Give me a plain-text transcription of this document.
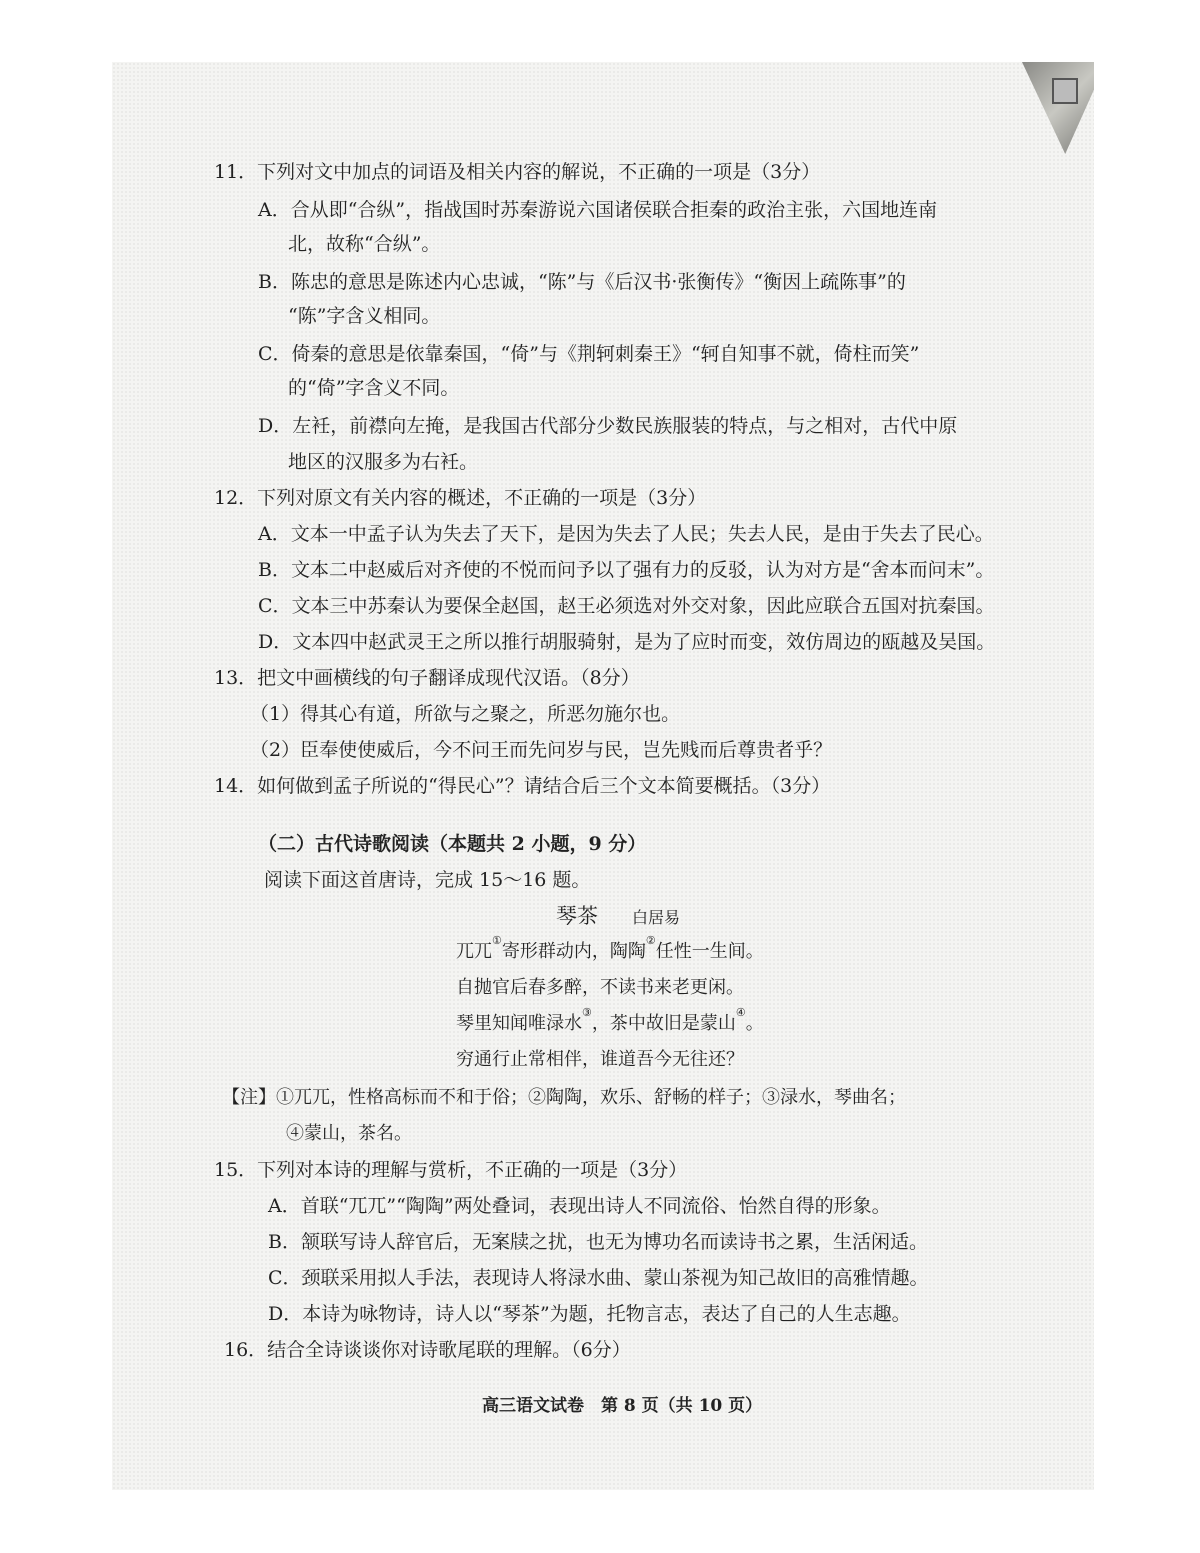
11．下列对文中加点的词语及相关内容的解说，不正确的一项是（3分）
A．合从即“合纵”，指战国时苏秦游说六国诸侯联合拒秦的政治主张，六国地连南
北，故称“合纵”。
B．陈忠的意思是陈述内心忠诚，“陈”与《后汉书·张衡传》“衡因上疏陈事”的
“陈”字含义相同。
C．倚秦的意思是依靠秦国，“倚”与《荆轲刺秦王》“轲自知事不就，倚柱而笑”
的“倚”字含义不同。
D．左衽，前襟向左掩，是我国古代部分少数民族服装的特点，与之相对，古代中原
地区的汉服多为右衽。
12．下列对原文有关内容的概述，不正确的一项是（3分）
A．文本一中孟子认为失去了天下，是因为失去了人民；失去人民，是由于失去了民心。
B．文本二中赵威后对齐使的不悦而问予以了强有力的反驳，认为对方是“舍本而问末”。
C．文本三中苏秦认为要保全赵国，赵王必须选对外交对象，因此应联合五国对抗秦国。
D．文本四中赵武灵王之所以推行胡服骑射，是为了应时而变，效仿周边的瓯越及吴国。
13．把文中画横线的句子翻译成现代汉语。（8分）
（1）得其心有道，所欲与之聚之，所恶勿施尔也。
（2）臣奉使使威后，今不问王而先问岁与民，岂先贱而后尊贵者乎？
14．如何做到孟子所说的“得民心”？请结合后三个文本简要概括。（3分）
（二）古代诗歌阅读（本题共 2 小题，9 分）
阅读下面这首唐诗，完成 15～16 题。
琴茶 白居易
兀兀①寄形群动内，陶陶②任性一生间。
自抛官后春多醉，不读书来老更闲。
琴里知闻唯渌水③，茶中故旧是蒙山④。
穷通行止常相伴，谁道吾今无往还？
【注】①兀兀，性格高标而不和于俗；②陶陶，欢乐、舒畅的样子；③渌水，琴曲名；
④蒙山，茶名。
15．下列对本诗的理解与赏析，不正确的一项是（3分）
A．首联“兀兀”“陶陶”两处叠词，表现出诗人不同流俗、怡然自得的形象。
B．颔联写诗人辞官后，无案牍之扰，也无为博功名而读诗书之累，生活闲适。
C．颈联采用拟人手法，表现诗人将渌水曲、蒙山茶视为知己故旧的高雅情趣。
D．本诗为咏物诗，诗人以“琴茶”为题，托物言志，表达了自己的人生志趣。
16．结合全诗谈谈你对诗歌尾联的理解。（6分）
高三语文试卷　第 8 页（共 10 页）
